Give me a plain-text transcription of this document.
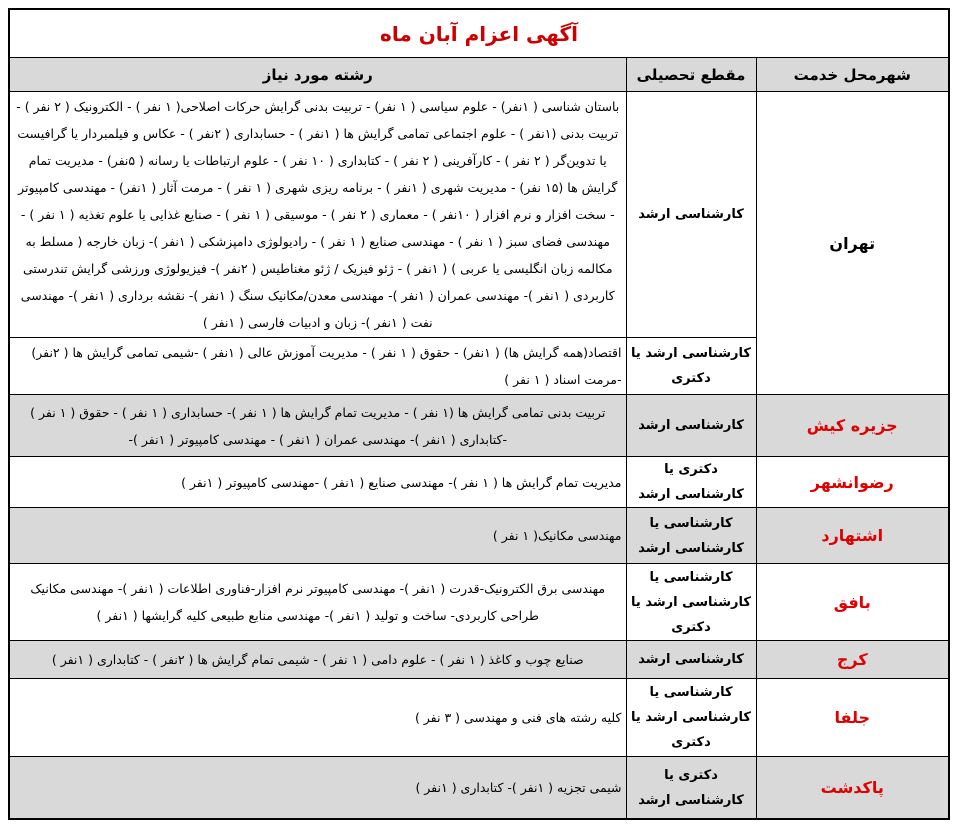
آگهی اعزام آبان ماه		
شهرمحل خدمت	مقطع تحصیلی	رشته مورد نیاز
تهران	کارشناسی ارشد	باستان شناسی ( ۱نفر) - علوم سیاسی ( ۱ نفر) - تربیت بدنی گرایش حرکات اصلاحی( ۱ نفر ) - الکترونیک ( ۲ نفر ) - تربیت بدنی (۱نفر ) - علوم اجتماعی تمامی گرایش ها ( ۱نفر ) - حسابداری ( ۲نفر ) - عکاس و فیلمبردار یا گرافیست یا تدوین‌گر ( ۲ نفر ) - کارآفرینی ( ۲ نفر ) - کتابداری ( ۱۰ نفر ) - علوم ارتباطات یا رسانه ( ۵نفر) - مدیریت تمام گرایش ها (۱۵ نفر) - مدیریت شهری ( ۱نفر ) - برنامه ریزی شهری ( ۱ نفر ) - مرمت آثار ( ۱نفر) - مهندسی کامپیوتر - سخت افزار و نرم افزار ( ۱۰نفر ) - معماری ( ۲ نفر ) - موسیقی ( ۱ نفر ) - صنایع غذایی یا علوم تغذیه ( ۱ نفر ) - مهندسی فضای سبز ( ۱ نفر ) - مهندسی صنایع ( ۱ نفر ) - رادیولوژی دامپزشکی ( ۱نفر )- زبان خارجه ( مسلط به مکالمه زبان انگلیسی یا عربی ) ( ۱نفر ) - ژئو فیزیک / ژئو مغناطیس ( ۲نفر )- فیزیولوژی ورزشی گرایش تندرستی کاربردی ( ۱نفر )- مهندسی عمران ( ۱نفر )- مهندسی معدن/مکانیک سنگ ( ۱نفر )- نقشه برداری ( ۱نفر )- مهندسی نفت ( ۱نفر )- زبان و ادبیات فارسی ( ۱نفر )
	کارشناسی ارشد یا دکتری	اقتصاد(همه گرایش ها) ( ۱نفر) - حقوق ( ۱ نفر ) - مدیریت آموزش عالی ( ۱نفر ) -شیمی تمامی گرایش ها ( ۲نفر) -مرمت اسناد ( ۱ نفر )
جزیره کیش	کارشناسی ارشد	تربیت بدنی تمامی گرایش ها (۱ نفر ) - مدیریت تمام گرایش ها ( ۱ نفر )- حسابداری ( ۱ نفر ) - حقوق ( ۱ نفر ) -کتابداری ( ۱نفر )- مهندسی عمران ( ۱نفر ) - مهندسی کامپیوتر ( ۱نفر )-
رضوانشهر	دکتری یا کارشناسی ارشد	مدیریت تمام گرایش ها ( ۱ نفر )- مهندسی صنایع ( ۱نفر ) -مهندسی کامپیوتر ( ۱نفر )
اشتهارد	کارشناسی یا کارشناسی ارشد	مهندسی مکانیک( ۱ نفر )
بافق	کارشناسی یا کارشناسی ارشد یا دکتری	مهندسی برق الکترونیک-قدرت ( ۱نفر )- مهندسی کامپیوتر نرم افزار-فناوری اطلاعات ( ۱نفر )- مهندسی مکانیک طراحی کاربردی- ساخت و تولید ( ۱نفر )- مهندسی منابع طبیعی کلیه گرایشها ( ۱نفر )
کرج	کارشناسی ارشد	صنایع چوب و کاغذ ( ۱ نفر ) - علوم دامی ( ۱ نفر ) - شیمی تمام گرایش ها ( ۲نفر ) - کتابداری ( ۱نفر )
جلفا	کارشناسی یا کارشناسی ارشد یا دکتری	کلیه رشته های فنی و مهندسی ( ۳ نفر )
پاکدشت	دکتری یا کارشناسی ارشد	شیمی تجزیه ( ۱نفر )- کتابداری ( ۱نفر )
